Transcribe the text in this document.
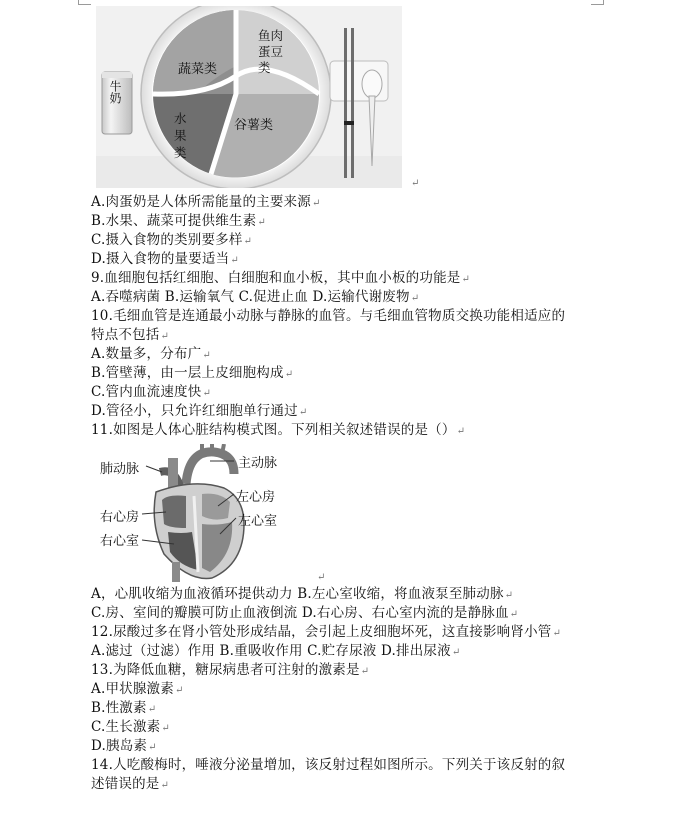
牛奶
蔬菜类
鱼肉蛋豆类
水果类
谷薯类
↵
A.肉蛋奶是人体所需能量的主要来源↵
B.水果、蔬菜可提供维生素↵
C.摄入食物的类别要多样↵
D.摄入食物的量要适当↵
9.血细胞包括红细胞、白细胞和血小板，其中血小板的功能是↵
A.吞噬病菌 B.运输氧气 C.促进止血 D.运输代谢废物↵
10.毛细血管是连通最小动脉与静脉的血管。与毛细血管物质交换功能相适应的
特点不包括↵
A.数量多，分布广↵
B.管壁薄，由一层上皮细胞构成↵
C.管内血流速度快↵
D.管径小，只允许红细胞单行通过↵
11.如图是人体心脏结构模式图。下列相关叙述错误的是（）↵
肺动脉	主动脉
左心房
右心房	左心室
右心室
↵
A，心肌收缩为血液循环提供动力 B.左心室收缩，将血液泵至肺动脉↵
C.房、室间的瓣膜可防止血液倒流 D.右心房、右心室内流的是静脉血↵
12.尿酸过多在肾小管处形成结晶，会引起上皮细胞坏死，这直接影响肾小管↵
A.滤过（过滤）作用 B.重吸收作用 C.贮存尿液 D.排出尿液↵
13.为降低血糖，糖尿病患者可注射的激素是↵
A.甲状腺激素↵
B.性激素↵
C.生长激素↵
D.胰岛素↵
14.人吃酸梅时，唾液分泌量增加，该反射过程如图所示。下列关于该反射的叙
述错误的是↵
